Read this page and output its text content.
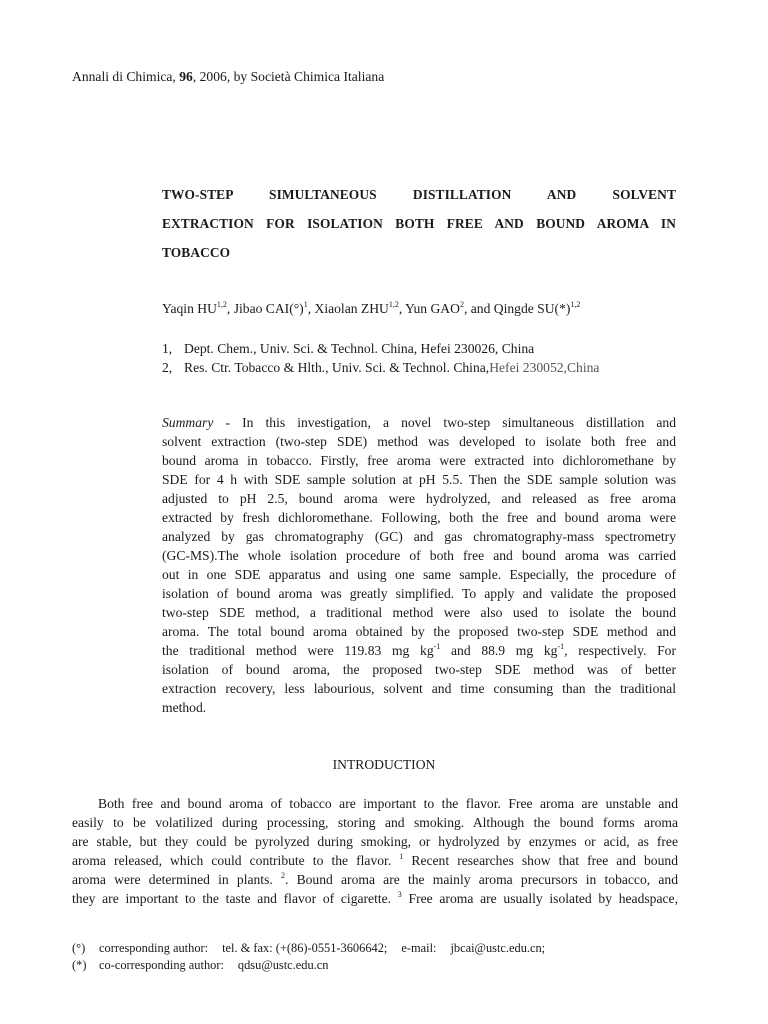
Annali di Chimica, 96, 2006, by Società Chimica Italiana
TWO-STEP SIMULTANEOUS DISTILLATION AND SOLVENT
EXTRACTION FOR ISOLATION BOTH FREE AND BOUND AROMA IN
TOBACCO
Yaqin HU$^{1,2}$, Jibao CAI(°)$^1$, Xiaolan ZHU$^{1,2}$, Yun GAO$^2$, and Qingde $SU(*)^{1,2}$
1, Dept. Chem., Univ. Sci. & Technol. China, Hefei 230026, China
2, Res. Ctr. Tobacco & Hlth., Univ. Sci. & Technol. China, Hefei 230052,China
Summary - In this investigation, a novel two-step simultaneous distillation and
solvent extraction (two-step SDE) method was developed to isolate both free and
bound aroma in tobacco. Firstly, free aroma were extracted into dichloromethane by
SDE for 4 h with SDE sample solution at pH 5.5. Then the SDE sample solution was
adjusted to pH 2.5, bound aroma were hydrolyzed, and released as free aroma
extracted by fresh dichloromethane. Following, both the free and bound aroma were
analyzed by gas chromatography (GC) and gas chromatography-mass spectrometry
(GC-MS).The whole isolation procedure of both free and bound aroma was carried
out in one SDE apparatus and using one same sample. Especially, the procedure of
isolation of bound aroma was greatly simplified. To apply and validate the proposed
two-step SDE method, a traditional method were also used to isolate the bound
aroma. The total bound aroma obtained by the proposed two-step SDE method and
the traditional method were 119.83 mg $kg^{-1}$ and 88.9 mg $kg^{-1}$, respectively. For
isolation of bound aroma, the proposed two-step SDE method was of better
extraction recovery, less labourious, solvent and time consuming than the traditional
method.
INTRODUCTION
Both free and bound aroma of tobacco are important to the flavor. Free aroma are unstable and
easily to be volatilized during processing, storing and smoking. Although the bound forms aroma
are stable, but they could be pyrolyzed during smoking, or hydrolyzed by enzymes or acid, as free
aroma released, which could contribute to the flavor. $^1$ Recent researches show that free and bound
aroma were determined in plants. $^2$. Bound aroma are the mainly aroma precursors in tobacco, and
they are important to the taste and flavor of cigarette. $^3$ Free aroma are usually isolated by headspace,
(°)	corresponding author: tel. & fax: (+(86)-0551-3606642; e-mail: jbcai@ustc.edu.cn;
(*)	co-corresponding author: qdsu@ustc.edu.cn
